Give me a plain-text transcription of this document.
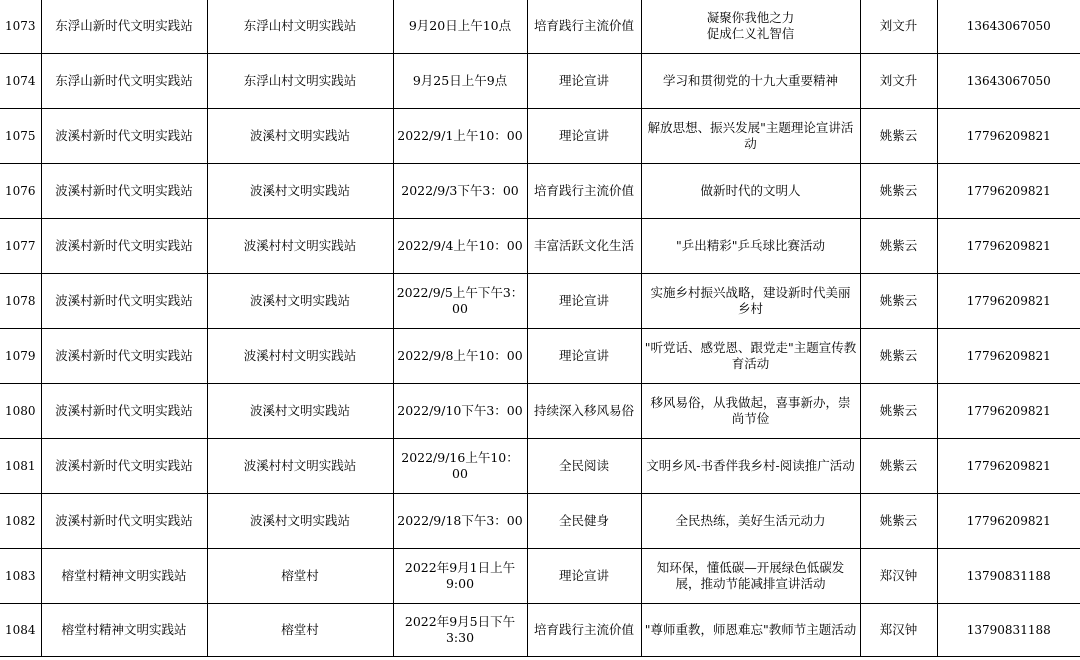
1073	东浮山新时代文明实践站	东浮山村文明实践站	9月20日上午10点	培育践行主流价值	凝聚你我他之力
促成仁义礼智信	刘文升	13643067050
1074	东浮山新时代文明实践站	东浮山村文明实践站	9月25日上午9点	理论宣讲	学习和贯彻党的十九大重要精神	刘文升	13643067050
1075	波溪村新时代文明实践站	波溪村文明实践站	2022/9/1上午10：00	理论宣讲	解放思想、振兴发展"主题理论宣讲活动	姚紫云	17796209821
1076	波溪村新时代文明实践站	波溪村文明实践站	2022/9/3下午3：00	培育践行主流价值	做新时代的文明人	姚紫云	17796209821
1077	波溪村新时代文明实践站	波溪村村文明实践站	2022/9/4上午10：00	丰富活跃文化生活	"乒出精彩"乒乓球比赛活动	姚紫云	17796209821
1078	波溪村新时代文明实践站	波溪村文明实践站	2022/9/5上午下午3：00	理论宣讲	实施乡村振兴战略，建设新时代美丽乡村	姚紫云	17796209821
1079	波溪村新时代文明实践站	波溪村村文明实践站	2022/9/8上午10：00	理论宣讲	"听党话、感党恩、跟党走"主题宣传教育活动	姚紫云	17796209821
1080	波溪村新时代文明实践站	波溪村文明实践站	2022/9/10下午3：00	持续深入移风易俗	移风易俗，从我做起，喜事新办，崇尚节俭	姚紫云	17796209821
1081	波溪村新时代文明实践站	波溪村村文明实践站	2022/9/16上午10：00	全民阅读	文明乡风-书香伴我乡村-阅读推广活动	姚紫云	17796209821
1082	波溪村新时代文明实践站	波溪村文明实践站	2022/9/18下午3：00	全民健身	全民热练，美好生活元动力	姚紫云	17796209821
1083	榕堂村精神文明实践站	榕堂村	2022年9月1日上午9:00	理论宣讲	知环保，懂低碳—开展绿色低碳发展，推动节能减排宣讲活动	郑汉钟	13790831188
1084	榕堂村精神文明实践站	榕堂村	2022年9月5日下午3:30	培育践行主流价值	"尊师重教，师恩难忘"教师节主题活动	郑汉钟	13790831188
